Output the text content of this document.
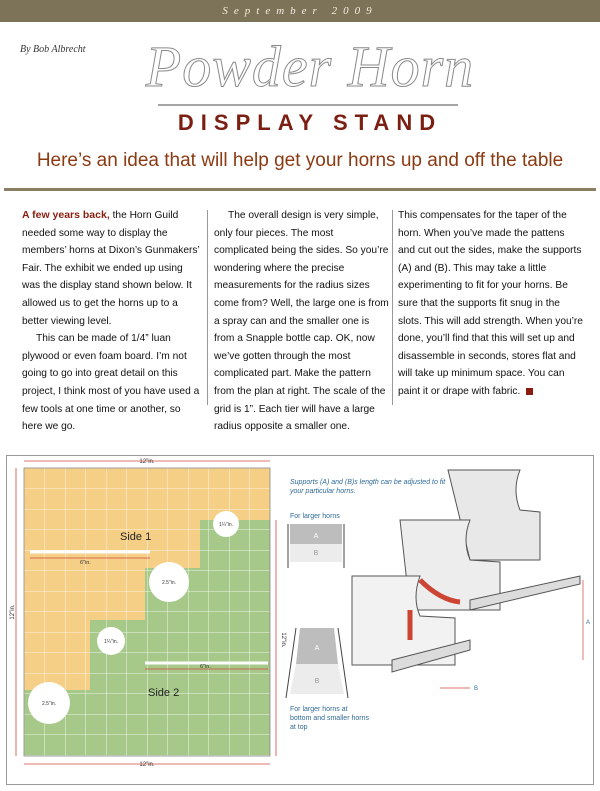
September 2009
By Bob Albrecht Powder Horn
DISPLAY STAND
Here’s an idea that will help get your horns up and off the table

A few years back, the Horn Guild needed some way to display the members’ horns at Dixon’s Gunmakers’ Fair. The exhibit we ended up using was the display stand shown below. It allowed us to get the horns up to a better viewing level.

This can be made of 1/4” luan plywood or even foam board. I’m not going to go into great detail on this project, I think most of you have used a few tools at one time or another, so here we go.

The overall design is very simple, only four pieces. The most complicated being the sides. So you’re wondering where the precise measurements for the radius sizes come from? Well, the large one is from a spray can and the smaller one is from a Snapple bottle cap. OK, now we’ve gotten through the most complicated part. Make the pattern from the plan at right. The scale of the grid is 1”. Each tier will have a large radius opposite a smaller one.

This compensates for the taper of the horn. When you’ve made the pattens and cut out the sides, make the supports (A) and (B). This may take a little experimenting to fit for your horns. Be sure that the supports fit snug in the slots. This will add strength. When you’re done, you’ll find that this will set up and disassemble in seconds, stores flat and will take up minimum space. You can paint it or drape with fabric.

12"in.
12"in.
12"in.
12"in.
Side 1
Side 2
6"in.
6"in.
1¼"in.
2.5"in.
1¼"in.
2.5"in.
A
B
A
B
A
B
Supports (A) and (B)s length can be adjusted to fit your particular horns.
For larger horns
For larger horns at bottom and smaller horns at top
